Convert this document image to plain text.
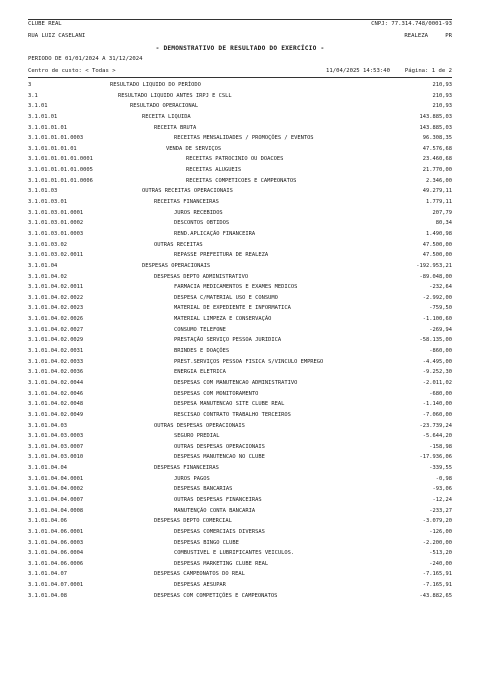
CLUBE REAL	CNPJ: 77.314.748/0001-93
RUA LUIZ CASELANI	REALEZA	PR
- DEMONSTRATIVO DE RESULTADO DO EXERCÍCIO -
PERIODO DE 01/01/2024 A 31/12/2024
Centro de custo: < Todas >	11/04/2025 14:53:40	Página: 1 de 2
3	RESULTADO LIQUIDO DO PERÍODO	210,93
3.1	RESULTADO LIQUIDO ANTES IRPJ E CSLL	210,93
3.1.01	RESULTADO OPERACIONAL	210,93
3.1.01.01	RECEITA LIQUIDA	143.885,03
3.1.01.01.01	RECEITA BRUTA	143.885,03
3.1.01.01.01.0003	RECEITAS MENSALIDADES / PROMOÇÕES / EVENTOS	96.308,35
3.1.01.01.01.01	VENDA DE SERVIÇOS	47.576,68
3.1.01.01.01.01.0001	RECEITAS PATROCINIO OU DOACOES	23.460,68
3.1.01.01.01.01.0005	RECEITAS ALUGUEIS	21.770,00
3.1.01.01.01.01.0006	RECEITAS COMPETICOES E CAMPEONATOS	2.346,00
3.1.01.03	OUTRAS RECEITAS OPERACIONAIS	49.279,11
3.1.01.03.01	RECEITAS FINANCEIRAS	1.779,11
3.1.01.03.01.0001	JUROS RECEBIDOS	207,79
3.1.01.03.01.0002	DESCONTOS OBTIDOS	80,34
3.1.01.03.01.0003	REND.APLICAÇÃO FINANCEIRA	1.490,98
3.1.01.03.02	OUTRAS RECEITAS	47.500,00
3.1.01.03.02.0011	REPASSE PREFEITURA DE REALEZA	47.500,00
3.1.01.04	DESPESAS OPERACIONAIS	-192.953,21
3.1.01.04.02	DESPESAS DEPTO ADMINISTRATIVO	-89.048,00
3.1.01.04.02.0011	FARMACIA MEDICAMENTOS E EXAMES MEDICOS	-232,64
3.1.01.04.02.0022	DESPESA C/MATERIAL USO E CONSUMO	-2.992,00
3.1.01.04.02.0023	MATERIAL DE EXPEDIENTE E INFORMATICA	-759,50
3.1.01.04.02.0026	MATERIAL LIMPEZA E CONSERVAÇÃO	-1.100,60
3.1.01.04.02.0027	CONSUMO TELEFONE	-269,94
3.1.01.04.02.0029	PRESTAÇÃO SERVIÇO PESSOA JURIDICA	-58.135,00
3.1.01.04.02.0031	BRINDES E DOAÇÕES	-860,00
3.1.01.04.02.0033	PREST.SERVIÇOS PESSOA FISICA S/VINCULO EMPREGO	-4.495,00
3.1.01.04.02.0036	ENERGIA ELETRICA	-9.252,30
3.1.01.04.02.0044	DESPESAS COM MANUTENCAO ADMINISTRATIVO	-2.011,02
3.1.01.04.02.0046	DESPESAS COM MONITORAMENTO	-680,00
3.1.01.04.02.0048	DESPESA MANUTENCAO SITE CLUBE REAL	-1.140,00
3.1.01.04.02.0049	RESCISAO CONTRATO TRABALHO TERCEIROS	-7.060,00
3.1.01.04.03	OUTRAS DESPESAS OPERACIONAIS	-23.739,24
3.1.01.04.03.0003	SEGURO PREDIAL	-5.644,20
3.1.01.04.03.0007	OUTRAS DESPESAS OPERACIONAIS	-158,98
3.1.01.04.03.0010	DESPESAS MANUTENCAO NO CLUBE	-17.936,06
3.1.01.04.04	DESPESAS FINANCEIRAS	-339,55
3.1.01.04.04.0001	JUROS PAGOS	-0,98
3.1.01.04.04.0002	DESPESAS BANCARIAS	-93,06
3.1.01.04.04.0007	OUTRAS DESPESAS FINANCEIRAS	-12,24
3.1.01.04.04.0008	MANUTENÇÃO CONTA BANCARIA	-233,27
3.1.01.04.06	DESPESAS DEPTO COMERCIAL	-3.079,20
3.1.01.04.06.0001	DESPESAS COMERCIAIS DIVERSAS	-126,00
3.1.01.04.06.0003	DESPESAS BINGO CLUBE	-2.200,00
3.1.01.04.06.0004	COMBUSTIVEL E LUBRIFICANTES VEICULOS.	-513,20
3.1.01.04.06.0006	DESPESAS MARKETING CLUBE REAL	-240,00
3.1.01.04.07	DESPESAS CAMPEONATOS DO REAL	-7.165,91
3.1.01.04.07.0001	DESPESAS AESUPAR	-7.165,91
3.1.01.04.08	DESPESAS COM COMPETIÇÕES E CAMPEONATOS	-43.882,65
